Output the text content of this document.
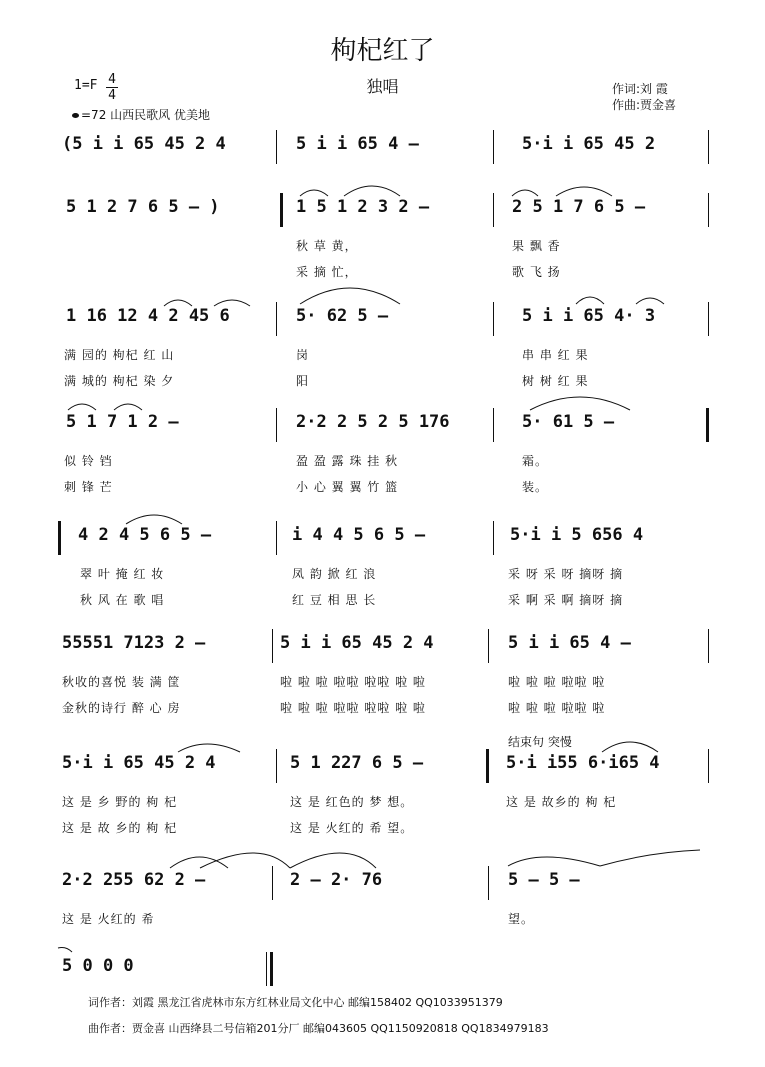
枸杞红了
独唱	作词:刘 霞
作曲:贾金喜
1=F 4
4
=72 山西民歌风 优美地
(5 i i 65 45 2 4	5 i i 65 4 –	5·i i 65 45 2
5 1 2 7 6 5 – )	1 5 1 2 3 2 –
秋 草 黄，
采 摘 忙，
2 5 1 7 6 5 –
果 飘 香
歌 飞 扬
1 16 12 4 2 45 6
满 园的 枸杞 红 山
满 城的 枸杞 染 夕
5· 62 5 –
岗
阳
5 i i 65 4· 3
串 串 红 果
树 树 红 果
5 1 7 1 2 –
似 铃 铛
刺 锋 芒
2·2 2 5 2 5 176
盈 盈 露 珠 挂 秋
小 心 翼 翼 竹 篮
5· 61 5 –
霜。
装。
4 2 4 5 6 5 –
翠 叶 掩 红 妆
秋 风 在 歌 唱
i 4 4 5 6 5 –
凤 韵 掀 红 浪
红 豆 相 思 长
5·i i 5 656 4
采 呀 采 呀 摘呀 摘
采 啊 采 啊 摘呀 摘
55551 7123 2 –
秋收的喜悦 装 满 筐
金秋的诗行 醉 心 房
5 i i 65 45 2 4
啦 啦 啦 啦啦 啦啦 啦 啦
啦 啦 啦 啦啦 啦啦 啦 啦
5 i i 65 4 –
啦 啦 啦 啦啦 啦
啦 啦 啦 啦啦 啦
结束句 突慢
5·i i 65 45 2 4
这 是 乡 野的 枸 杞
这 是 故 乡的 枸 杞
5 1 227 6 5 –
这 是 红色的 梦 想。
这 是 火红的 希 望。
5·i i55 6·i65 4
这 是 故乡的 枸 杞
2·2 255 62 2 –
这 是 火红的 希
2 – 2· 76	5 – 5 –
望。
5 0 0 0
词作者：刘霞 黑龙江省虎林市东方红林业局文化中心 邮编158402 QQ1033951379
曲作者：贾金喜 山西绛县二号信箱201分厂 邮编043605 QQ1150920818 QQ1834979183
